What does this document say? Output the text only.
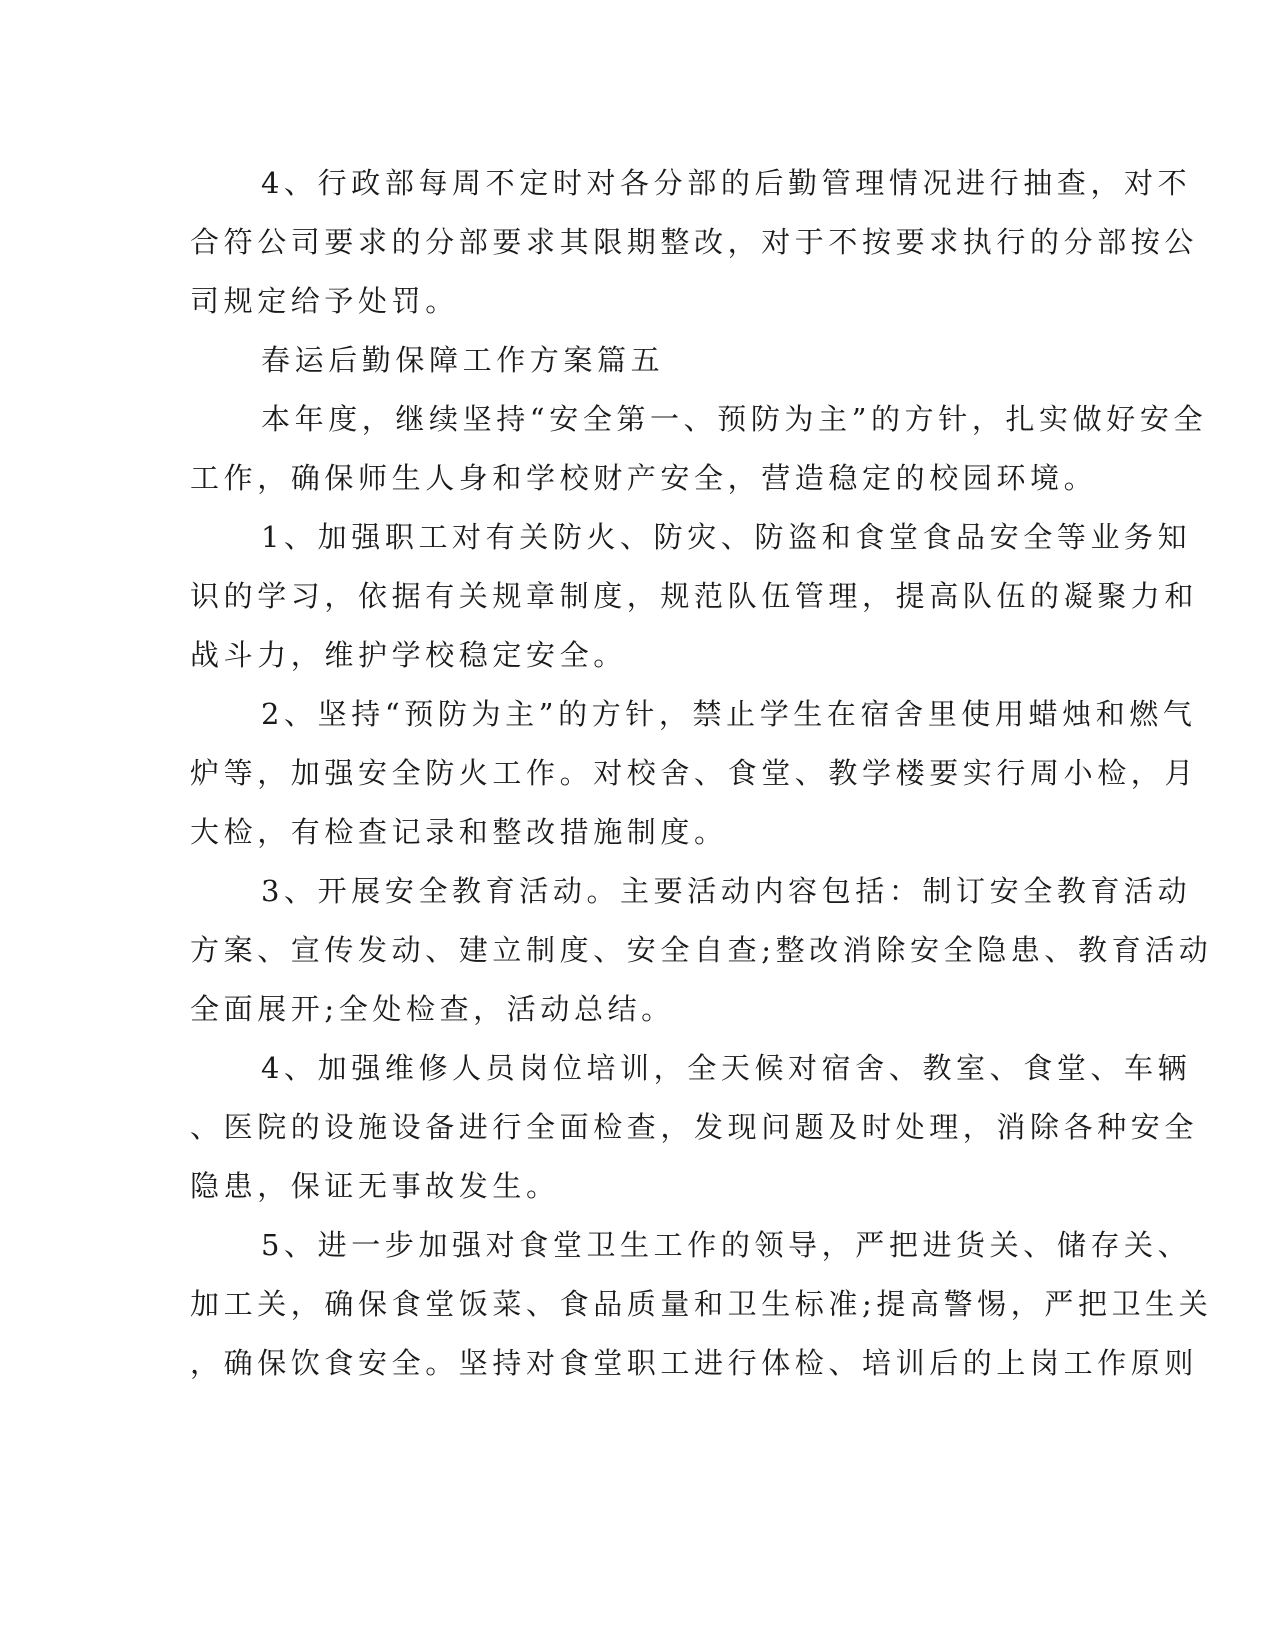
4、行政部每周不定时对各分部的后勤管理情况进行抽查，对不
合符公司要求的分部要求其限期整改，对于不按要求执行的分部按公
司规定给予处罚。
春运后勤保障工作方案篇五
本年度，继续坚持“安全第一、预防为主”的方针，扎实做好安全
工作，确保师生人身和学校财产安全，营造稳定的校园环境。
1、加强职工对有关防火、防灾、防盗和食堂食品安全等业务知
识的学习，依据有关规章制度，规范队伍管理，提高队伍的凝聚力和
战斗力，维护学校稳定安全。
2、坚持“预防为主”的方针，禁止学生在宿舍里使用蜡烛和燃气
炉等，加强安全防火工作。对校舍、食堂、教学楼要实行周小检，月
大检，有检查记录和整改措施制度。
3、开展安全教育活动。主要活动内容包括：制订安全教育活动
方案、宣传发动、建立制度、安全自查;整改消除安全隐患、教育活动
全面展开;全处检查，活动总结。
4、加强维修人员岗位培训，全天候对宿舍、教室、食堂、车辆
、医院的设施设备进行全面检查，发现问题及时处理，消除各种安全
隐患，保证无事故发生。
5、进一步加强对食堂卫生工作的领导，严把进货关、储存关、
加工关，确保食堂饭菜、食品质量和卫生标准;提高警惕，严把卫生关
，确保饮食安全。坚持对食堂职工进行体检、培训后的上岗工作原则
